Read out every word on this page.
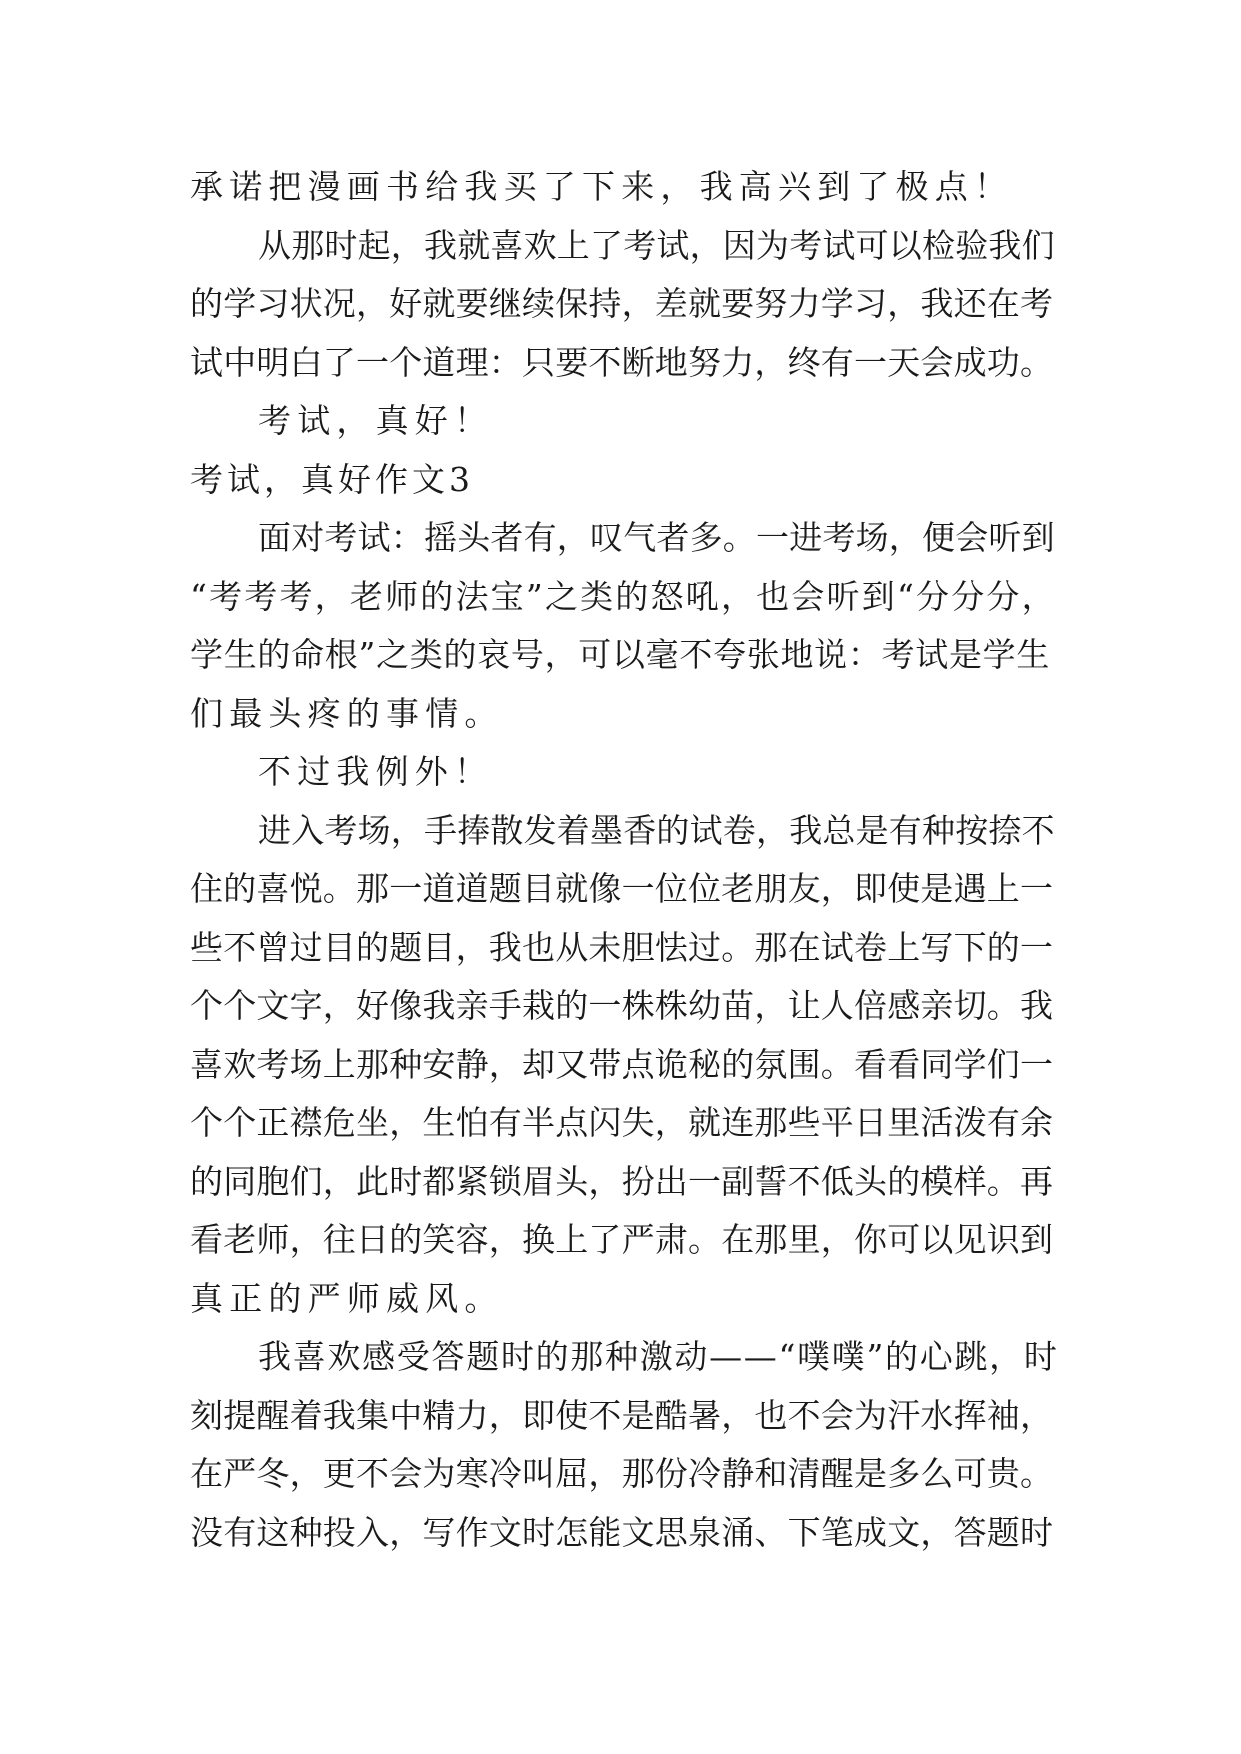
承诺把漫画书给我买了下来，我高兴到了极点！
从那时起，我就喜欢上了考试，因为考试可以检验我们
的学习状况，好就要继续保持，差就要努力学习，我还在考
试中明白了一个道理：只要不断地努力，终有一天会成功。
考试，真好！
考试，真好作文3
面对考试：摇头者有，叹气者多。一进考场，便会听到
“考考考，老师的法宝”之类的怒吼，也会听到“分分分，
学生的命根”之类的哀号，可以毫不夸张地说：考试是学生
们最头疼的事情。
不过我例外！
进入考场，手捧散发着墨香的试卷，我总是有种按捺不
住的喜悦。那一道道题目就像一位位老朋友，即使是遇上一
些不曾过目的题目，我也从未胆怯过。那在试卷上写下的一
个个文字，好像我亲手栽的一株株幼苗，让人倍感亲切。我
喜欢考场上那种安静，却又带点诡秘的氛围。看看同学们一
个个正襟危坐，生怕有半点闪失，就连那些平日里活泼有余
的同胞们，此时都紧锁眉头，扮出一副誓不低头的模样。再
看老师，往日的笑容，换上了严肃。在那里，你可以见识到
真正的严师威风。
我喜欢感受答题时的那种激动——“噗噗”的心跳，时
刻提醒着我集中精力，即使不是酷暑，也不会为汗水挥袖，
在严冬，更不会为寒冷叫屈，那份冷静和清醒是多么可贵。
没有这种投入，写作文时怎能文思泉涌、下笔成文，答题时
